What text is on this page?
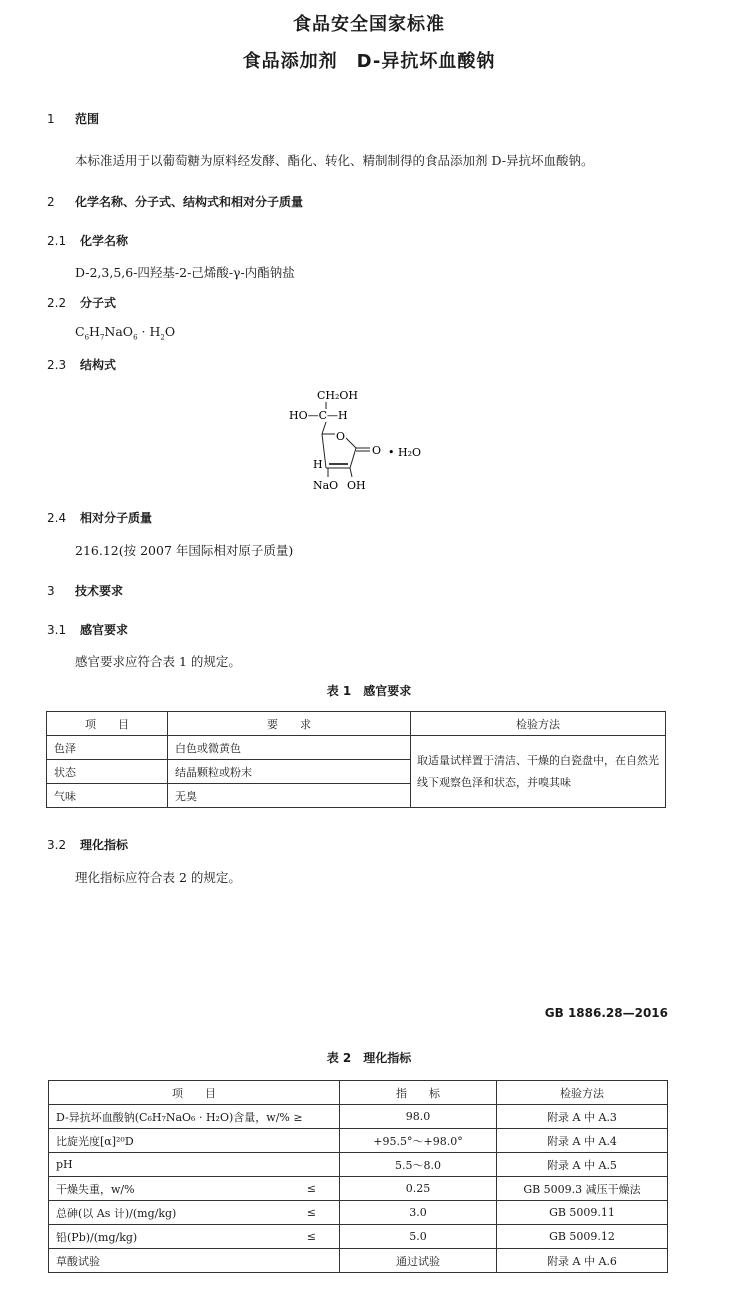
食品安全国家标准
食品添加剂　D-异抗坏血酸钠
1 范围
本标准适用于以葡萄糖为原料经发酵、酯化、转化、精制制得的食品添加剂 D-异抗坏血酸钠。
2 化学名称、分子式、结构式和相对分子质量
2.1 化学名称
D-2,3,5,6-四羟基-2-己烯酸-γ-内酯钠盐
2.2 分子式
$C_6H_7NaO_6 \cdot H_2O$
2.3 结构式
CH₂OH
HO—C—H
O
O • H₂O
H
NaO OH
2.4 相对分子质量
216.12(按 2007 年国际相对原子质量)
3 技术要求
3.1 感官要求
感官要求应符合表 1 的规定。
表 1　感官要求
项　　目	要　　求	检验方法
色泽	白色或微黄色	取适量试样置于清洁、干燥的白瓷盘中，在自然光线下观察色泽和状态，并嗅其味
状态	结晶颗粒或粉末	
气味	无臭	
3.2 理化指标
理化指标应符合表 2 的规定。
GB 1886.28—2016
表 2　理化指标
项　　目	指　　标	检验方法

D-异抗坏血酸钠(C₆H₇NaO₆ · H₂O)含量，w/% ≥	98.0	附录 A 中 A.3

比旋光度[α]²⁰D	+95.5°～+98.0°	附录 A 中 A.4

pH	5.5～8.0	附录 A 中 A.5

干燥失重，w/% ≤	0.25	GB 5009.3 减压干燥法

总砷(以 As 计)/(mg/kg) ≤	3.0	GB 5009.11

铅(Pb)/(mg/kg) ≤	5.0	GB 5009.12

草酸试验	通过试验	附录 A 中 A.6
